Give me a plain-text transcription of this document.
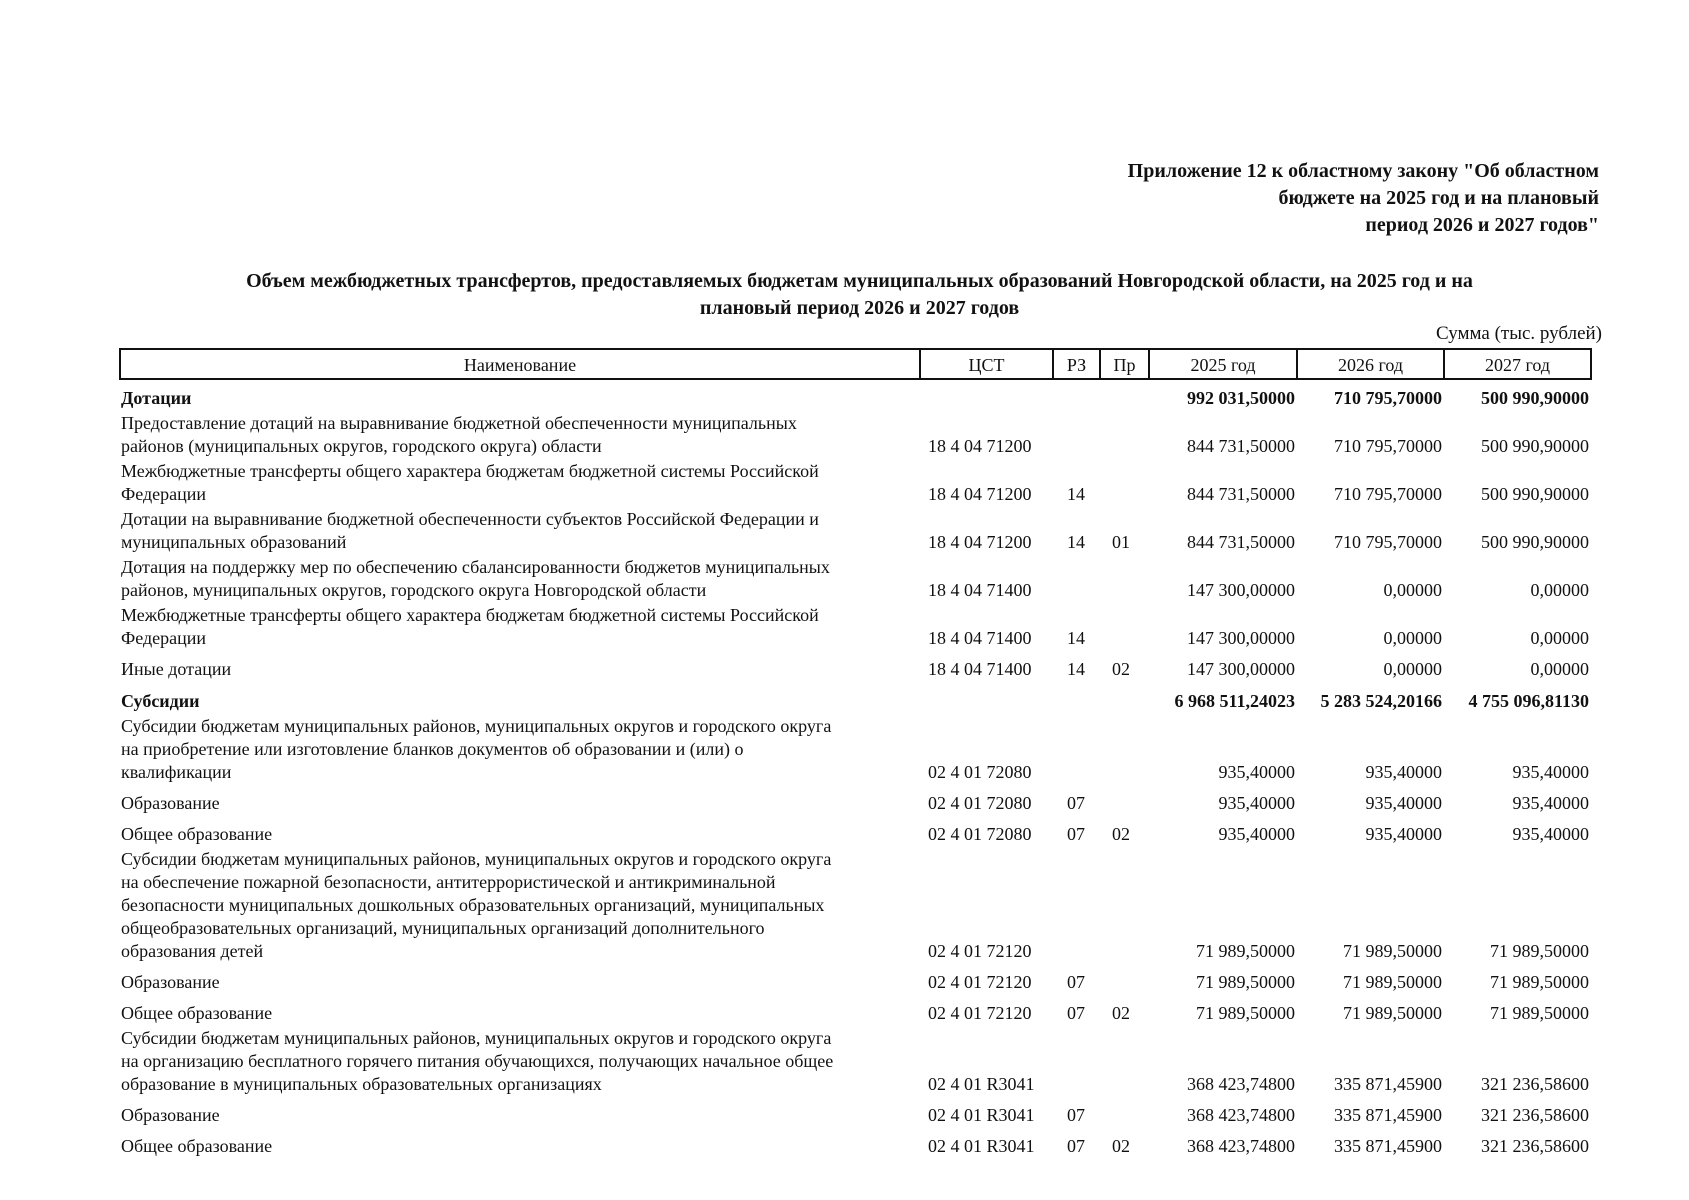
Приложение 12 к областному закону "Об областном
бюджете на 2025 год и на плановый
период 2026 и 2027 годов"
Объем межбюджетных трансфертов, предоставляемых бюджетам муниципальных образований Новгородской области, на 2025 год и на
плановый период 2026 и 2027 годов
Сумма (тыс. рублей)
Наименование	ЦСТ	РЗ	Пр	2025 год	2026 год	2027 год

Дотации				992 031,50000	710 795,70000	500 990,90000

Предоставление дотаций на выравнивание бюджетной обеспеченности муниципальных
районов (муниципальных округов, городского округа) области	18 4 04 71200			844 731,50000	710 795,70000	500 990,90000

Межбюджетные трансферты общего характера бюджетам бюджетной системы Российской
Федерации	18 4 04 71200	14		844 731,50000	710 795,70000	500 990,90000

Дотации на выравнивание бюджетной обеспеченности субъектов Российской Федерации и
муниципальных образований	18 4 04 71200	14	01	844 731,50000	710 795,70000	500 990,90000

Дотация на поддержку мер по обеспечению сбалансированности бюджетов муниципальных
районов, муниципальных округов, городского округа Новгородской области	18 4 04 71400			147 300,00000	0,00000	0,00000

Межбюджетные трансферты общего характера бюджетам бюджетной системы Российской
Федерации	18 4 04 71400	14		147 300,00000	0,00000	0,00000

Иные дотации	18 4 04 71400	14	02	147 300,00000	0,00000	0,00000

Субсидии				6 968 511,24023	5 283 524,20166	4 755 096,81130

Субсидии бюджетам муниципальных районов, муниципальных округов и городского округа
на приобретение или изготовление бланков документов об образовании и (или) о
квалификации	02 4 01 72080			935,40000	935,40000	935,40000

Образование	02 4 01 72080	07		935,40000	935,40000	935,40000

Общее образование	02 4 01 72080	07	02	935,40000	935,40000	935,40000

Субсидии бюджетам муниципальных районов, муниципальных округов и городского округа
на обеспечение пожарной безопасности, антитеррористической и антикриминальной
безопасности муниципальных дошкольных образовательных организаций, муниципальных
общеобразовательных организаций, муниципальных организаций дополнительного
образования детей	02 4 01 72120			71 989,50000	71 989,50000	71 989,50000

Образование	02 4 01 72120	07		71 989,50000	71 989,50000	71 989,50000

Общее образование	02 4 01 72120	07	02	71 989,50000	71 989,50000	71 989,50000

Субсидии бюджетам муниципальных районов, муниципальных округов и городского округа
на организацию бесплатного горячего питания обучающихся, получающих начальное общее
образование в муниципальных образовательных организациях	02 4 01 R3041			368 423,74800	335 871,45900	321 236,58600

Образование	02 4 01 R3041	07		368 423,74800	335 871,45900	321 236,58600

Общее образование	02 4 01 R3041	07	02	368 423,74800	335 871,45900	321 236,58600
